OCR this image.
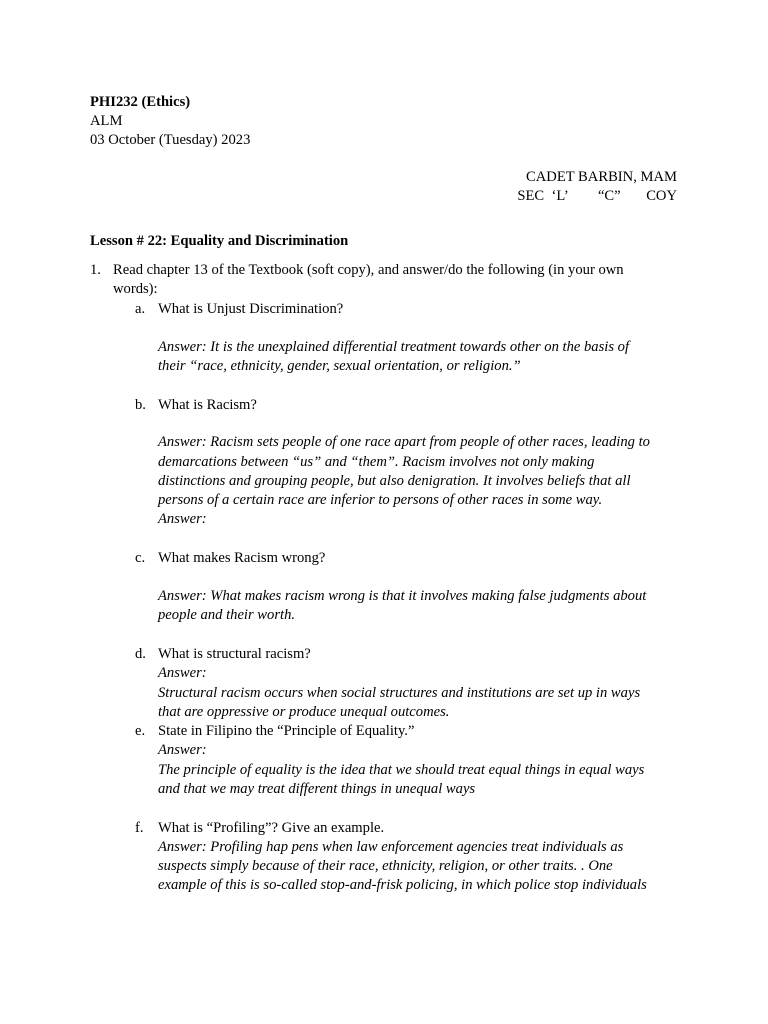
PHI232 (Ethics)
ALM
03 October (Tuesday) 2023
CADET BARBIN, MAM
SEC ‘L’ “C” COY
Lesson # 22: Equality and Discrimination
1. Read chapter 13 of the Textbook (soft copy), and answer/do the following (in your own
words):
a. What is Unjust Discrimination?
Answer: It is the unexplained differential treatment towards other on the basis of
their “race, ethnicity, gender, sexual orientation, or religion.”
b. What is Racism?
Answer: Racism sets people of one race apart from people of other races, leading to
demarcations between “us” and “them”. Racism involves not only making
distinctions and grouping people, but also denigration. It involves beliefs that all
persons of a certain race are inferior to persons of other races in some way.
Answer:
c. What makes Racism wrong?
Answer: What makes racism wrong is that it involves making false judgments about
people and their worth.
d. What is structural racism?
Answer:
Structural racism occurs when social structures and institutions are set up in ways
that are oppressive or produce unequal outcomes.
e. State in Filipino the “Principle of Equality.”
Answer:
The principle of equality is the idea that we should treat equal things in equal ways
and that we may treat different things in unequal ways
f. What is “Profiling”? Give an example.
Answer: Profiling hap pens when law enforcement agencies treat individuals as
suspects simply because of their race, ethnicity, religion, or other traits. . One
example of this is so-called stop-and-frisk policing, in which police stop individuals
